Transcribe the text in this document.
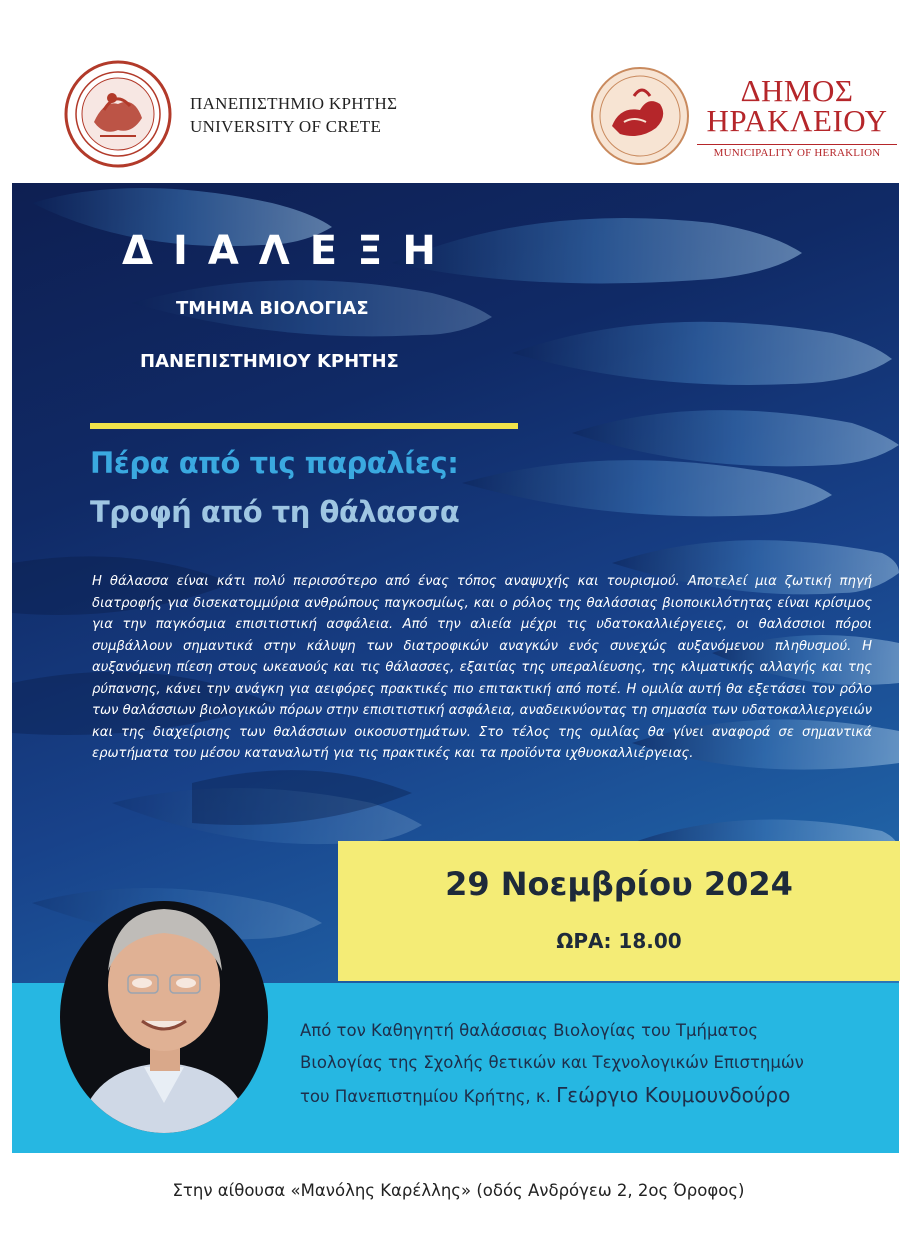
ΠΑΝΕΠΙΣΤΗΜΙΟ ΚΡΗΤΗΣ
UNIVERSITY OF CRETE
ΔΗΜΟΣ
ΗΡΑΚΛΕΙΟΥ
MUNICIPALITY OF HERAKLION
ΔΙΑΛΕΞΗ
ΤΜΗΜΑ ΒΙΟΛΟΓΙΑΣ
ΠΑΝΕΠΙΣΤΗΜΙΟΥ ΚΡΗΤΗΣ
Πέρα από τις παραλίες:
Τροφή από τη θάλασσα
Η θάλασσα είναι κάτι πολύ περισσότερο από ένας τόπος αναψυχής και τουρισμού. Αποτελεί μια ζωτική πηγή διατροφής για δισεκατομμύρια ανθρώπους παγκοσμίως, και ο ρόλος της θαλάσσιας βιοποικιλότητας είναι κρίσιμος για την παγκόσμια επισιτιστική ασφάλεια. Από την αλιεία μέχρι τις υδατοκαλλιέργειες, οι θαλάσσιοι πόροι συμβάλλουν σημαντικά στην κάλυψη των διατροφικών αναγκών ενός συνεχώς αυξανόμενου πληθυσμού. Η αυξανόμενη πίεση στους ωκεανούς και τις θάλασσες, εξαιτίας της υπεραλίευσης, της κλιματικής αλλαγής και της ρύπανσης, κάνει την ανάγκη για αειφόρες πρακτικές πιο επιτακτική από ποτέ. Η ομιλία αυτή θα εξετάσει τον ρόλο των θαλάσσιων βιολογικών πόρων στην επισιτιστική ασφάλεια, αναδεικνύοντας τη σημασία των υδατοκαλλιεργειών και της διαχείρισης των θαλάσσιων οικοσυστημάτων. Στο τέλος της ομιλίας θα γίνει αναφορά σε σημαντικά ερωτήματα του μέσου καταναλωτή για τις πρακτικές και τα προϊόντα ιχθυοκαλλιέργειας.
29 Νοεμβρίου 2024
ΩΡΑ: 18.00
Από τον Καθηγητή θαλάσσιας Βιολογίας του Τμήματος
Βιολογίας της Σχολής θετικών και Τεχνολογικών Επιστημών
του Πανεπιστημίου Κρήτης, κ. Γεώργιο Κουμουνδούρο
Στην αίθουσα «Μανόλης Καρέλλης» (οδός Ανδρόγεω 2, 2ος Όροφος)
